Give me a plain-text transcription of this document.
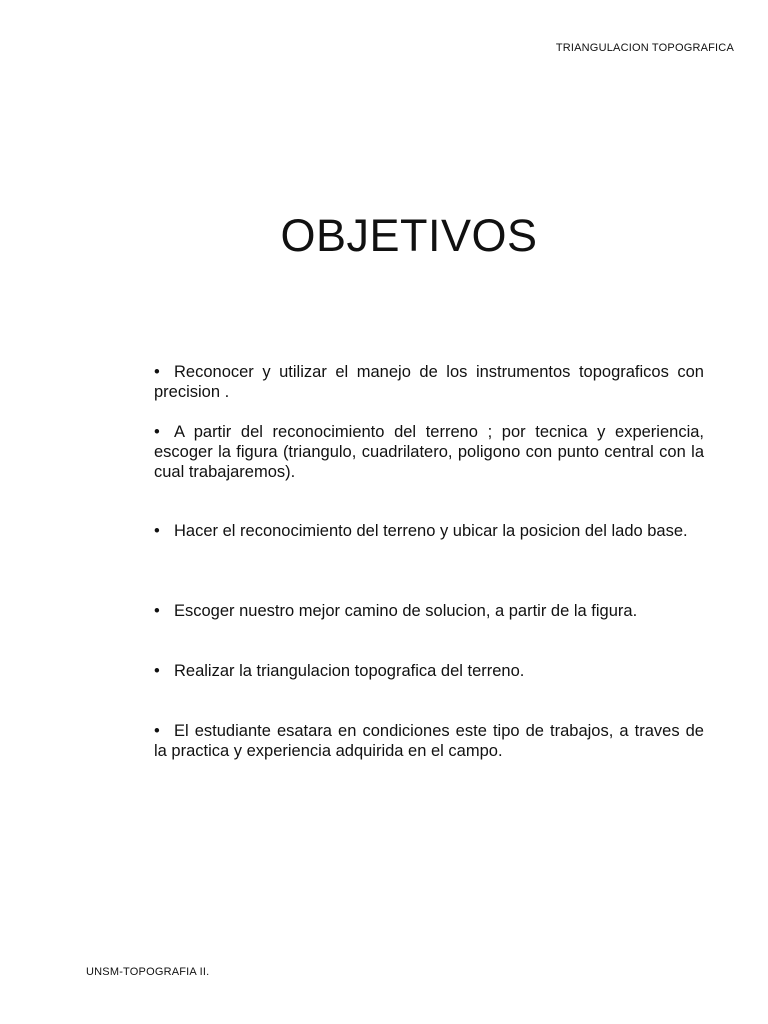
TRIANGULACION TOPOGRAFICA
OBJETIVOS
• Reconocer y utilizar el manejo de los instrumentos topograficos con precision .
• A partir del reconocimiento del terreno ; por tecnica y experiencia, escoger la figura (triangulo, cuadrilatero, poligono con punto central con la cual trabajaremos).
• Hacer el reconocimiento del terreno y ubicar la posicion del lado base.
• Escoger nuestro mejor camino de solucion, a partir de la figura.
• Realizar la triangulacion topografica del terreno.
• El estudiante esatara en condiciones este tipo de trabajos, a traves de la practica y experiencia adquirida en el campo.
UNSM-TOPOGRAFIA II.
